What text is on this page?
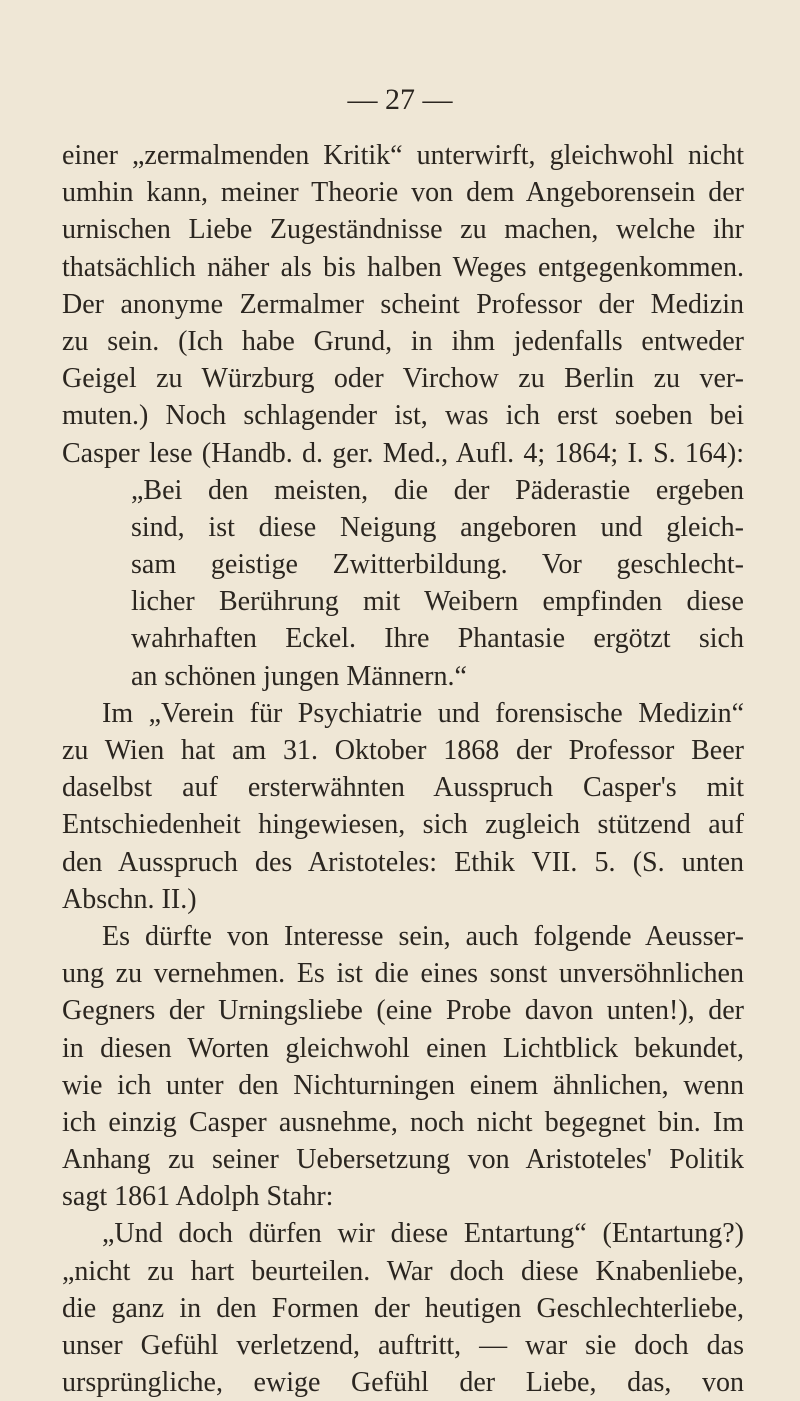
— 27 —
einer „zermalmenden Kritik“ unterwirft, gleichwohl nicht
umhin kann, meiner Theorie von dem Angeborensein der
urnischen Liebe Zugeständnisse zu machen, welche ihr
thatsächlich näher als bis halben Weges entgegenkommen.
Der anonyme Zermalmer scheint Professor der Medizin
zu sein. (Ich habe Grund, in ihm jedenfalls entweder
Geigel zu Würzburg oder Virchow zu Berlin zu ver-
muten.) Noch schlagender ist, was ich erst soeben bei
Casper lese (Handb. d. ger. Med., Aufl. 4; 1864; I. S. 164):
„Bei den meisten, die der Päderastie ergeben
sind, ist diese Neigung angeboren und gleich-
sam geistige Zwitterbildung. Vor geschlecht-
licher Berührung mit Weibern empfinden diese
wahrhaften Eckel. Ihre Phantasie ergötzt sich
an schönen jungen Männern.“
Im „Verein für Psychiatrie und forensische Medizin“
zu Wien hat am 31. Oktober 1868 der Professor Beer
daselbst auf ersterwähnten Ausspruch Casper's mit
Entschiedenheit hingewiesen, sich zugleich stützend auf
den Ausspruch des Aristoteles: Ethik VII. 5. (S. unten
Abschn. II.)
Es dürfte von Interesse sein, auch folgende Aeusser-
ung zu vernehmen. Es ist die eines sonst unversöhnlichen
Gegners der Urningsliebe (eine Probe davon unten!), der
in diesen Worten gleichwohl einen Lichtblick bekundet,
wie ich unter den Nichturningen einem ähnlichen, wenn
ich einzig Casper ausnehme, noch nicht begegnet bin. Im
Anhang zu seiner Uebersetzung von Aristoteles' Politik
sagt 1861 Adolph Stahr:
„Und doch dürfen wir diese Entartung“ (Entartung?)
„nicht zu hart beurteilen. War doch diese Knabenliebe,
die ganz in den Formen der heutigen Geschlechterliebe,
unser Gefühl verletzend, auftritt, — war sie doch das
ursprüngliche, ewige Gefühl der Liebe, das, von
